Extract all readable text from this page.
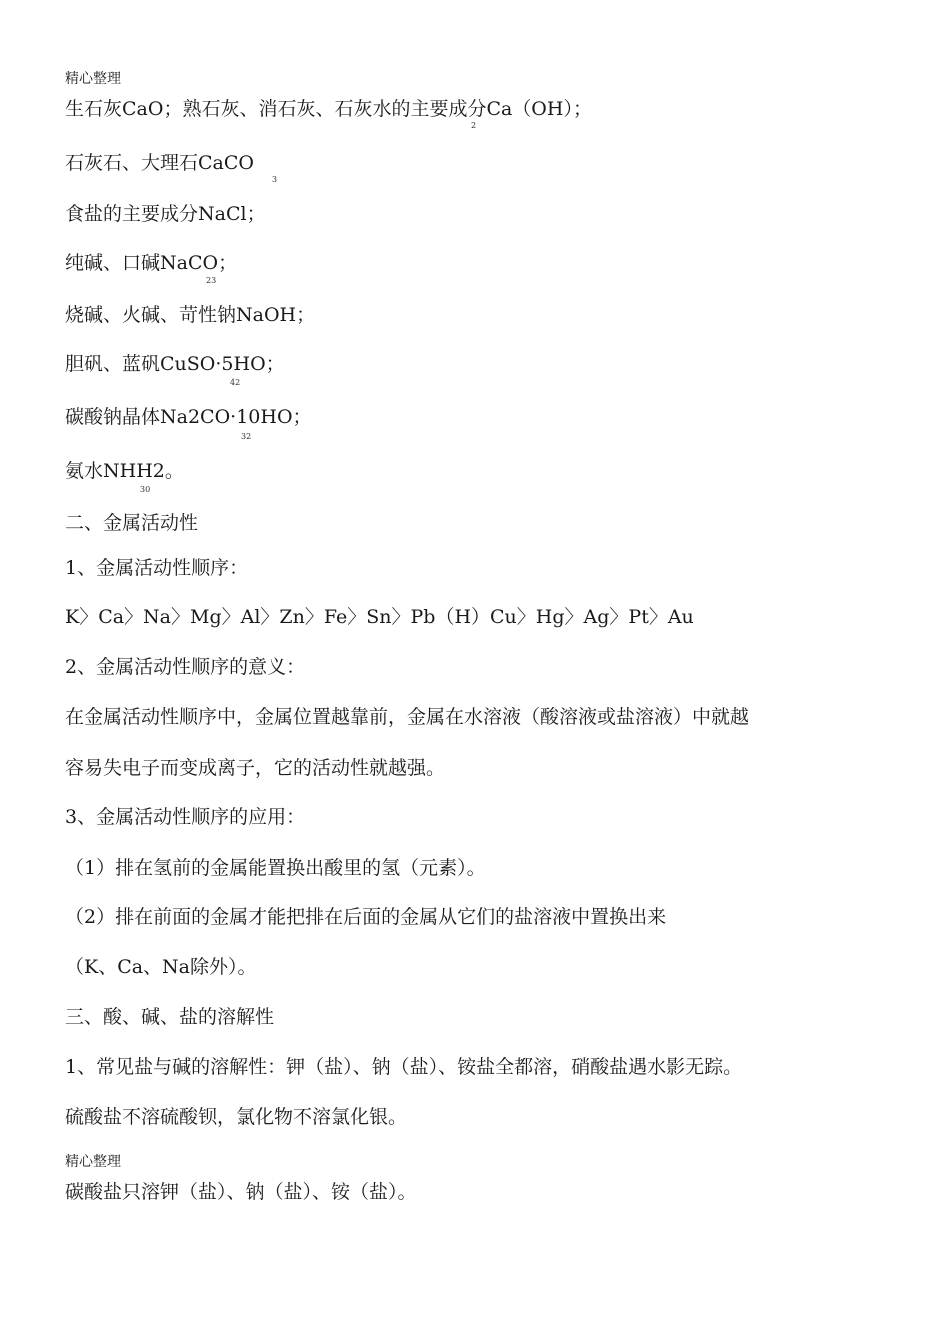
精心整理
生石灰CaO；熟石灰、消石灰、石灰水的主要成分Ca（OH）；
2
石灰石、大理石CaCO
3
食盐的主要成分NaCl；
纯碱、口碱NaCO；
23
烧碱、火碱、苛性钠NaOH；
胆矾、蓝矾CuSO·5HO；
42
碳酸钠晶体Na2CO·10HO；
32
氨水NHH2。
30
二、金属活动性
1、金属活动性顺序：
K〉Ca〉Na〉Mg〉Al〉Zn〉Fe〉Sn〉Pb（H）Cu〉Hg〉Ag〉Pt〉Au
2、金属活动性顺序的意义：
在金属活动性顺序中，金属位置越靠前，金属在水溶液（酸溶液或盐溶液）中就越
容易失电子而变成离子，它的活动性就越强。
3、金属活动性顺序的应用：
（1）排在氢前的金属能置换出酸里的氢（元素）。
（2）排在前面的金属才能把排在后面的金属从它们的盐溶液中置换出来
（K、Ca、Na除外）。
三、酸、碱、盐的溶解性
1、常见盐与碱的溶解性：钾（盐）、钠（盐）、铵盐全都溶，硝酸盐遇水影无踪。
硫酸盐不溶硫酸钡，氯化物不溶氯化银。
精心整理
碳酸盐只溶钾（盐）、钠（盐）、铵（盐）。
